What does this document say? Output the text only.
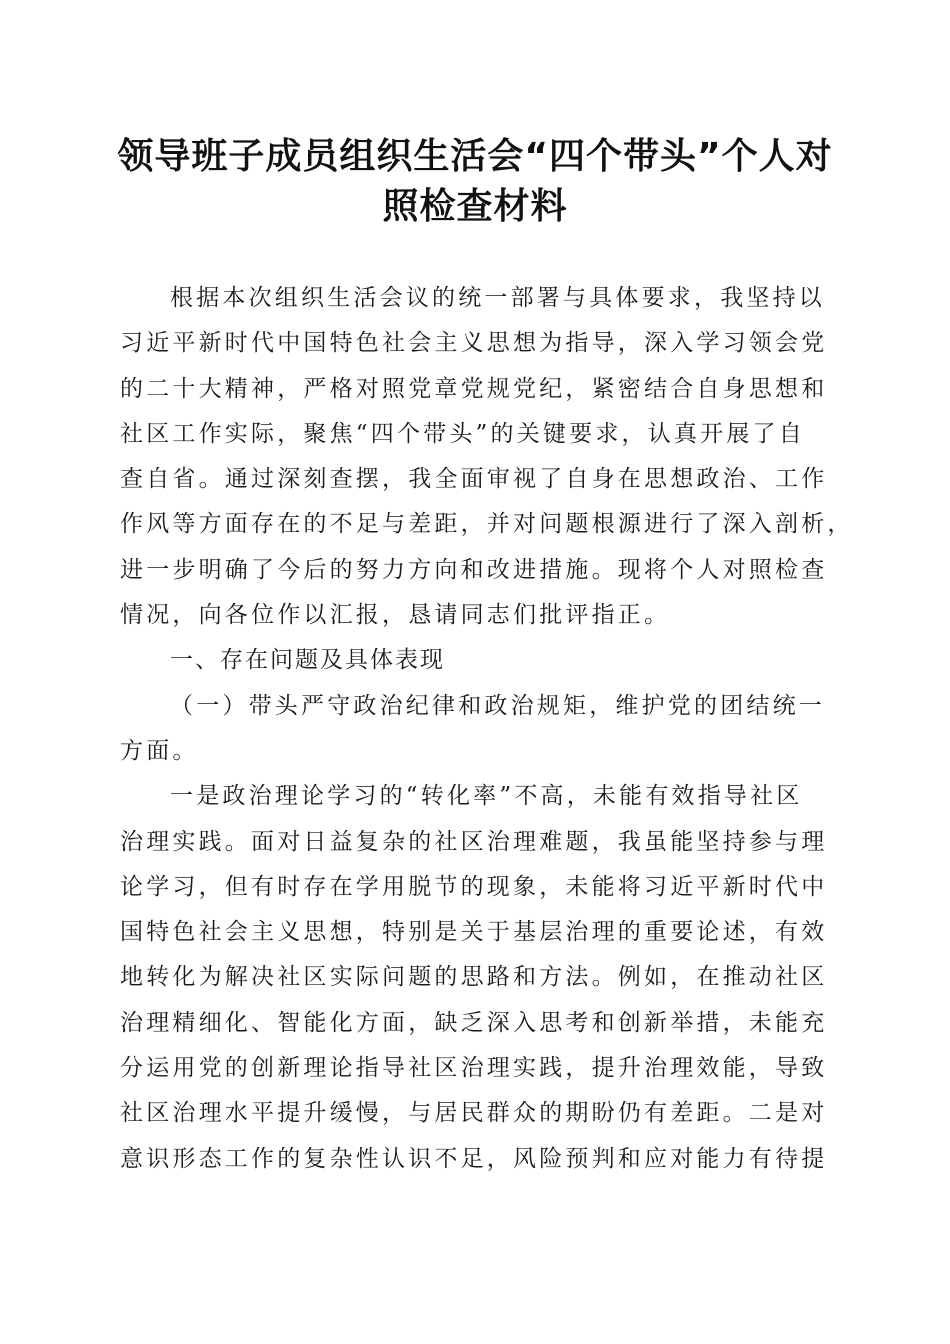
领导班子成员组织生活会“四个带头”个人对
照检查材料
根据本次组织生活会议的统一部署与具体要求，我坚持以
习近平新时代中国特色社会主义思想为指导，深入学习领会党
的二十大精神，严格对照党章党规党纪，紧密结合自身思想和
社区工作实际，聚焦“四个带头”的关键要求，认真开展了自
查自省。通过深刻查摆，我全面审视了自身在思想政治、工作
作风等方面存在的不足与差距，并对问题根源进行了深入剖析，
进一步明确了今后的努力方向和改进措施。现将个人对照检查
情况，向各位作以汇报，恳请同志们批评指正。
一、存在问题及具体表现
（一）带头严守政治纪律和政治规矩，维护党的团结统一
方面。
一是政治理论学习的“转化率”不高，未能有效指导社区
治理实践。面对日益复杂的社区治理难题，我虽能坚持参与理
论学习，但有时存在学用脱节的现象，未能将习近平新时代中
国特色社会主义思想，特别是关于基层治理的重要论述，有效
地转化为解决社区实际问题的思路和方法。例如，在推动社区
治理精细化、智能化方面，缺乏深入思考和创新举措，未能充
分运用党的创新理论指导社区治理实践，提升治理效能，导致
社区治理水平提升缓慢，与居民群众的期盼仍有差距。二是对
意识形态工作的复杂性认识不足，风险预判和应对能力有待提
